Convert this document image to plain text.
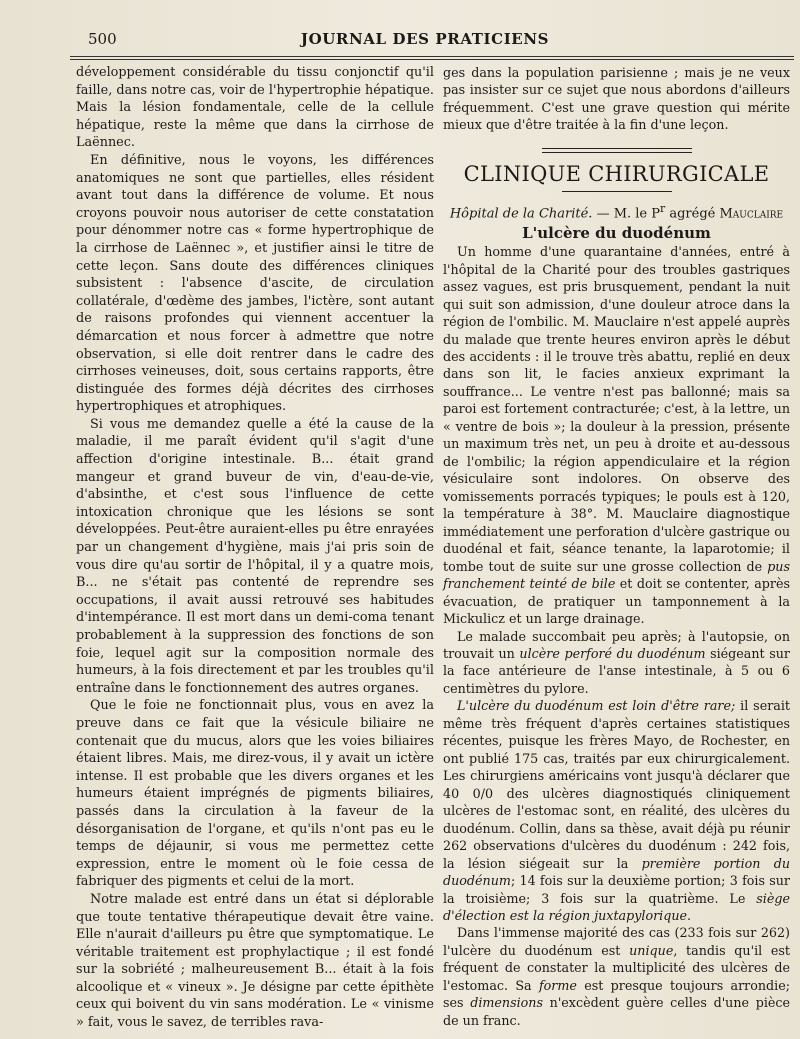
500	JOURNAL DES PRATICIENS

développement considérable du tissu conjonctif qu'il faille, dans notre cas, voir de l'hypertrophie hépatique. Mais la lésion fondamentale, celle de la cellule hépatique, reste la même que dans la cirrhose de Laënnec.

En définitive, nous le voyons, les différences anatomiques ne sont que partielles, elles résident avant tout dans la différence de volume. Et nous croyons pouvoir nous autoriser de cette constatation pour dénommer notre cas « forme hypertrophique de la cirrhose de Laënnec », et justifier ainsi le titre de cette leçon. Sans doute des différences cliniques subsistent : l'absence d'ascite, de circulation collatérale, d'œdème des jambes, l'ictère, sont autant de raisons profondes qui viennent accentuer la démarcation et nous forcer à admettre que notre observation, si elle doit rentrer dans le cadre des cirrhoses veineuses, doit, sous certains rapports, être distinguée des formes déjà décrites des cirrhoses hypertrophiques et atrophiques.

Si vous me demandez quelle a été la cause de la maladie, il me paraît évident qu'il s'agit d'une affection d'origine intestinale. B... était grand mangeur et grand buveur de vin, d'eau-de-vie, d'absinthe, et c'est sous l'influence de cette intoxication chronique que les lésions se sont développées. Peut-être auraient-elles pu être enrayées par un changement d'hygiène, mais j'ai pris soin de vous dire qu'au sortir de l'hôpital, il y a quatre mois, B... ne s'était pas contenté de reprendre ses occupations, il avait aussi retrouvé ses habitudes d'intempérance. Il est mort dans un demi-coma tenant probablement à la suppression des fonctions de son foie, lequel agit sur la composition normale des humeurs, à la fois directement et par les troubles qu'il entraîne dans le fonctionnement des autres organes.

Que le foie ne fonctionnait plus, vous en avez la preuve dans ce fait que la vésicule biliaire ne contenait que du mucus, alors que les voies biliaires étaient libres. Mais, me direz-vous, il y avait un ictère intense. Il est probable que les divers organes et les humeurs étaient imprégnés de pigments biliaires, passés dans la circulation à la faveur de la désorganisation de l'organe, et qu'ils n'ont pas eu le temps de déjaunir, si vous me permettez cette expression, entre le moment où le foie cessa de fabriquer des pigments et celui de la mort.

Notre malade est entré dans un état si déplorable que toute tentative thérapeutique devait être vaine. Elle n'aurait d'ailleurs pu être que symptomatique. Le véritable traitement est prophylactique ; il est fondé sur la sobriété ; malheureusement B... était à la fois alcoolique et « vineux ». Je désigne par cette épithète ceux qui boivent du vin sans modération. Le « vinisme » fait, vous le savez, de terribles rava-

ges dans la population parisienne ; mais je ne veux pas insister sur ce sujet que nous abordons d'ailleurs fréquemment. C'est une grave question qui mérite mieux que d'être traitée à la fin d'une leçon.

CLINIQUE CHIRURGICALE
Hôpital de la Charité. — M. le $P^r$ agrégé Mauclaire
L'ulcère du duodénum

Un homme d'une quarantaine d'années, entré à l'hôpital de la Charité pour des troubles gastriques assez vagues, est pris brusquement, pendant la nuit qui suit son admission, d'une douleur atroce dans la région de l'ombilic. M. Mauclaire n'est appelé auprès du malade que trente heures environ après le début des accidents : il le trouve très abattu, replié en deux dans son lit, le facies anxieux exprimant la souffrance... Le ventre n'est pas ballonné; mais sa paroi est fortement contracturée; c'est, à la lettre, un « ventre de bois »; la douleur à la pression, présente un maximum très net, un peu à droite et au-dessous de l'ombilic; la région appendiculaire et la région vésiculaire sont indolores. On observe des vomissements porracés typiques; le pouls est à 120, la température à 38°. M. Mauclaire diagnostique immédiatement une perforation d'ulcère gastrique ou duodénal et fait, séance tenante, la laparotomie; il tombe tout de suite sur une grosse collection de pus franchement teinté de bile et doit se contenter, après évacuation, de pratiquer un tamponnement à la Mickulicz et un large drainage.

Le malade succombait peu après; à l'autopsie, on trouvait un ulcère perforé du duodénum siégeant sur la face antérieure de l'anse intestinale, à 5 ou 6 centimètres du pylore.

L'ulcère du duodénum est loin d'être rare; il serait même très fréquent d'après certaines statistiques récentes, puisque les frères Mayo, de Rochester, en ont publié 175 cas, traités par eux chirurgicalement. Les chirurgiens américains vont jusqu'à déclarer que 40 0/0 des ulcères diagnostiqués cliniquement ulcères de l'estomac sont, en réalité, des ulcères du duodénum. Collin, dans sa thèse, avait déjà pu réunir 262 observations d'ulcères du duodénum : 242 fois, la lésion siégeait sur la première portion du duodénum; 14 fois sur la deuxième portion; 3 fois sur la troisième; 3 fois sur la quatrième. Le siège d'élection est la région juxtapylorique.

Dans l'immense majorité des cas (233 fois sur 262) l'ulcère du duodénum est unique, tandis qu'il est fréquent de constater la multiplicité des ulcères de l'estomac. Sa forme est presque toujours arrondie; ses dimensions n'excèdent guère celles d'une pièce de un franc.
